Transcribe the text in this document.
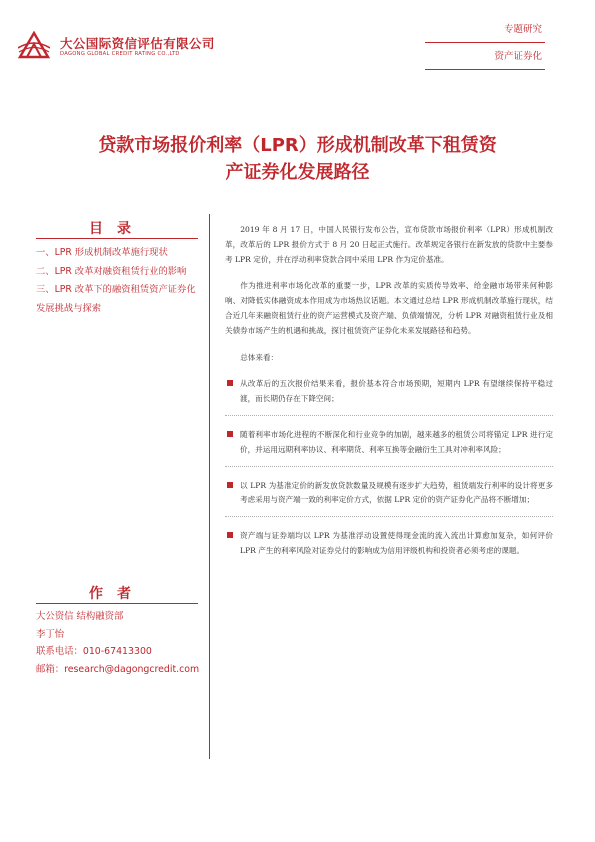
大公国际资信评估有限公司
DAGONG GLOBAL CREDIT RATING CO.,LTD
专题研究
资产证券化
贷款市场报价利率（LPR）形成机制改革下租赁资
产证券化发展路径
目录
一、LPR 形成机制改革施行现状
二、LPR 改革对融资租赁行业的影响
三、LPR 改革下的融资租赁资产证券化发展挑战与探索
作者
大公资信 结构融资部
李丁怡
联系电话：010-67413300
邮箱：research@dagongcredit.com

2019 年 8 月 17 日，中国人民银行发布公告，宣布贷款市场报价利率（LPR）形成机制改革，改革后的 LPR 报价方式于 8 月 20 日起正式施行。改革规定各银行在新发放的贷款中主要参考 LPR 定价，并在浮动利率贷款合同中采用 LPR 作为定价基准。

作为推进利率市场化改革的重要一步，LPR 改革的实质传导效率、给金融市场带来何种影响、对降低实体融资成本作用成为市场热议话题。本文通过总结 LPR 形成机制改革施行现状，结合近几年来融资租赁行业的资产运营模式及资产端、负债端情况，分析 LPR 对融资租赁行业及相关债券市场产生的机遇和挑战，探讨租赁资产证券化未来发展路径和趋势。

总体来看：

从改革后的五次报价结果来看，报价基本符合市场预期，短期内 LPR 有望继续保持平稳过渡，而长期仍存在下降空间；
随着利率市场化进程的不断深化和行业竞争的加剧，越来越多的租赁公司将锚定 LPR 进行定价，并运用远期利率协议、利率期货、利率互换等金融衍生工具对冲利率风险；
以 LPR 为基准定价的新发放贷款数量及规模有逐步扩大趋势，租赁端发行利率的设计将更多考虑采用与资产端一致的利率定价方式，依据 LPR 定价的资产证券化产品将不断增加；
资产端与证券端均以 LPR 为基准浮动设置使得现金流的流入流出计算愈加复杂，如何评价 LPR 产生的利率风险对证券兑付的影响成为信用评级机构和投资者必须考虑的课题。
